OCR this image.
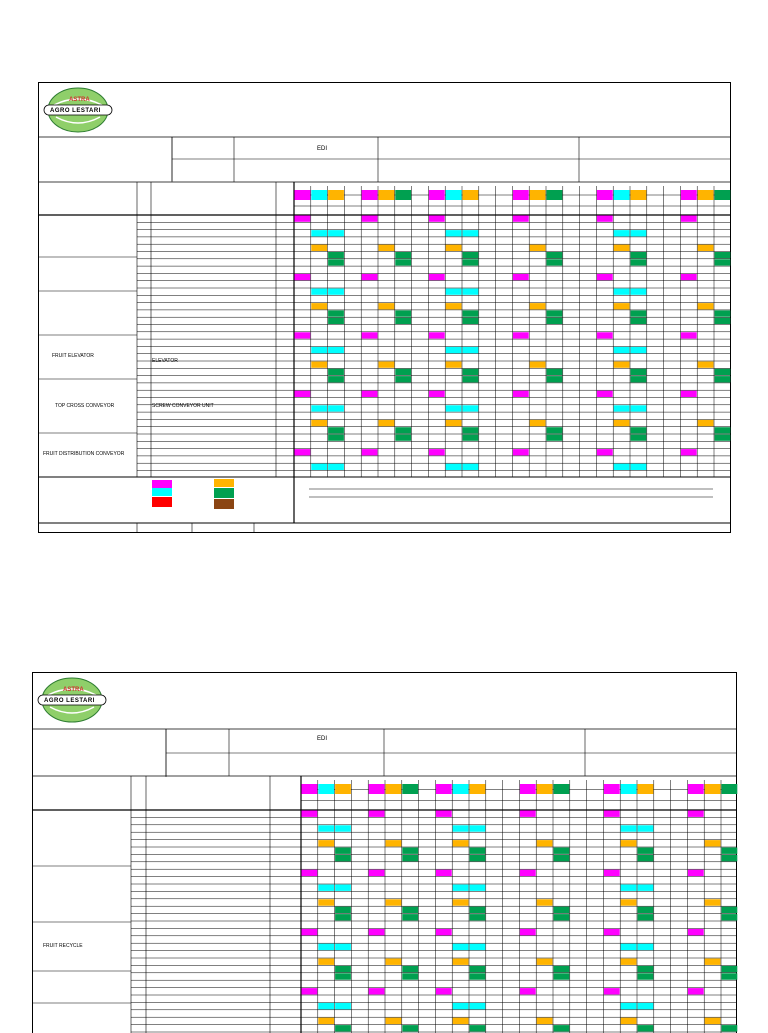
ASTRA
AGRO LESTARI
EDI
FRUIT ELEVATOR
ELEVATOR
TOP CROSS CONVEYOR	SCREW CONVEYOR UNIT
FRUIT DISTRIBUTION CONVEYOR
ASTRA
AGRO LESTARI
EDI
FRUIT RECYCLE
